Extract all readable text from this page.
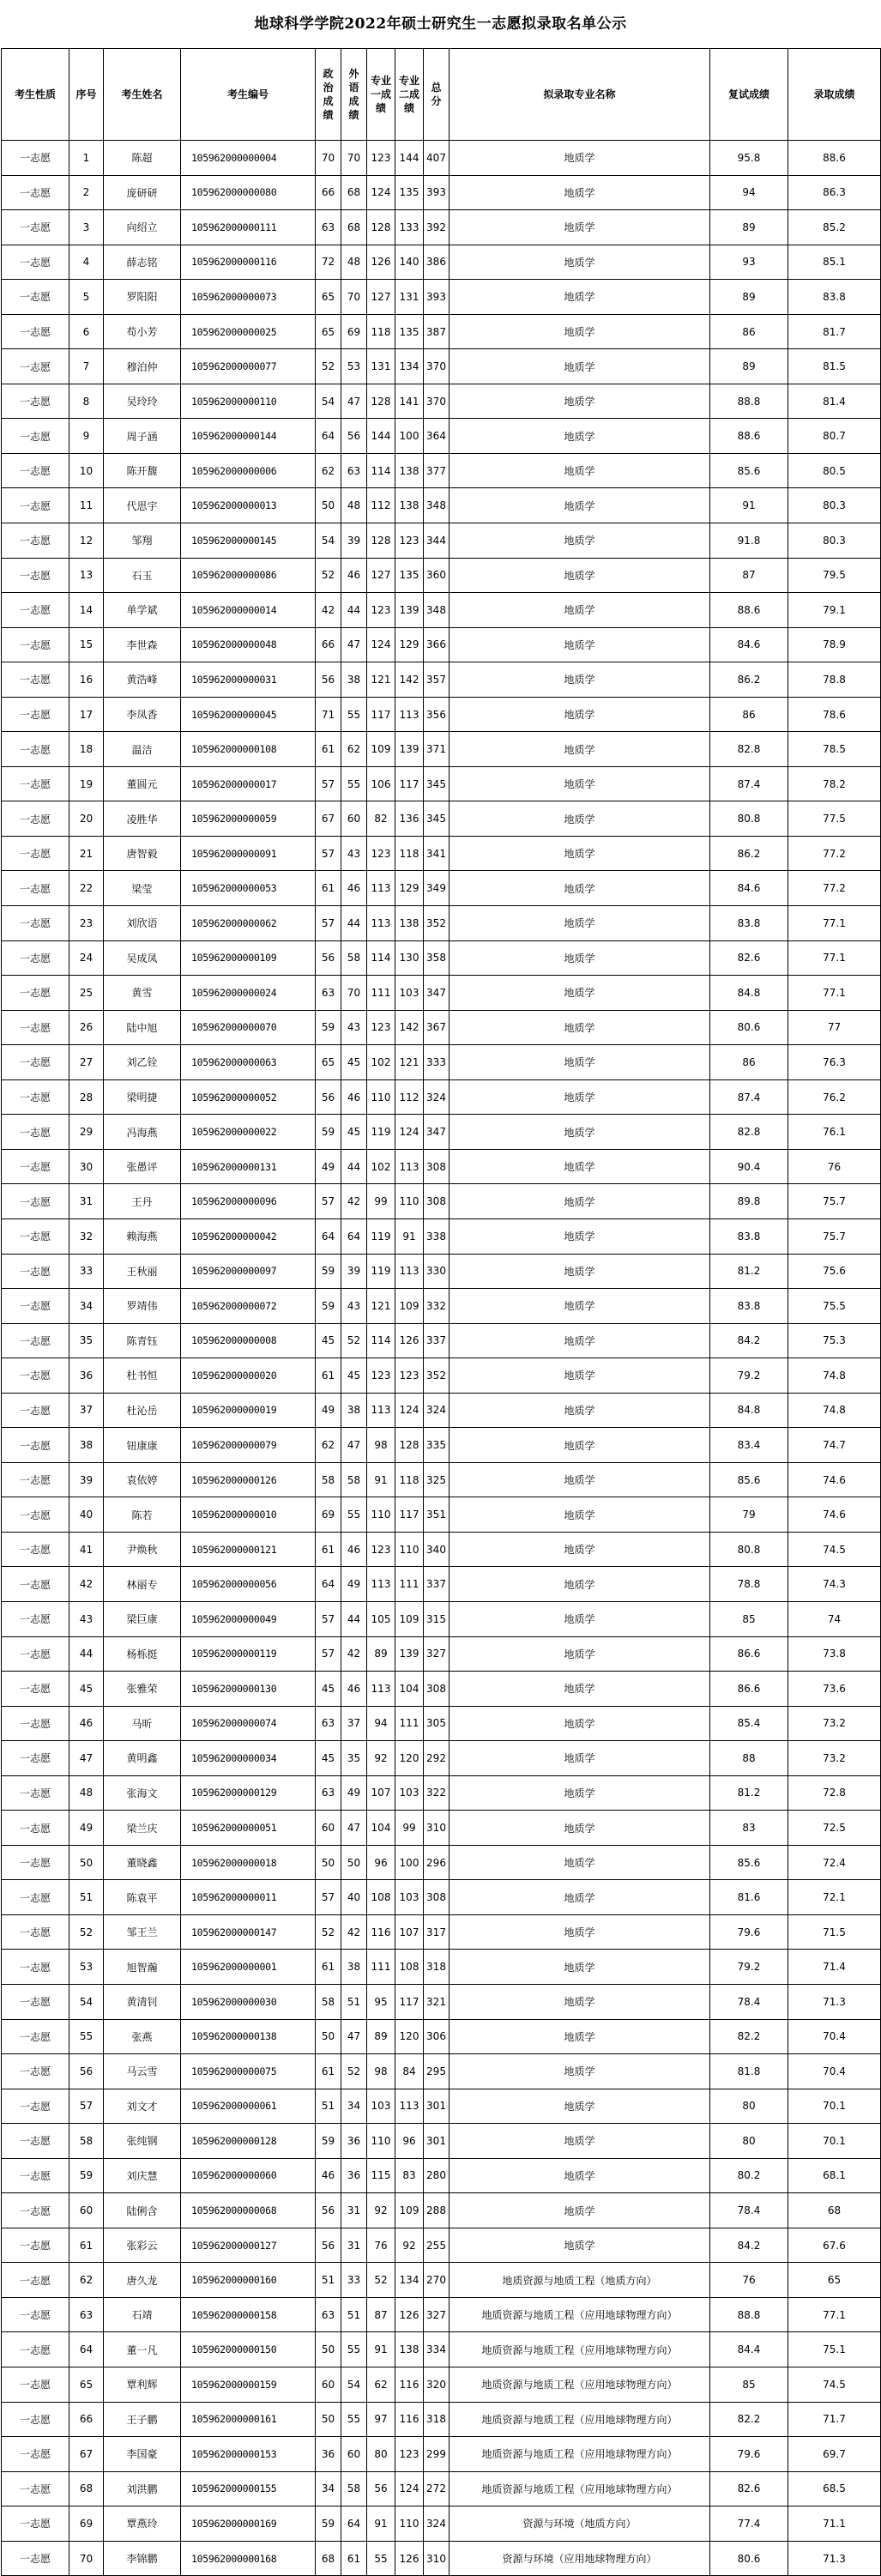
地球科学学院2022年硕士研究生一志愿拟录取名单公示
考生性质	序号	考生姓名	考生编号	政治成绩	外语成绩	专业一成绩	专业二成绩	总分	拟录取专业名称	复试成绩	录取成绩
一志愿	1	陈超	105962000000004	70	70	123	144	407	地质学	95.8	88.6
一志愿	2	庞研研	105962000000080	66	68	124	135	393	地质学	94	86.3
一志愿	3	向绍立	105962000000111	63	68	128	133	392	地质学	89	85.2
一志愿	4	薛志铭	105962000000116	72	48	126	140	386	地质学	93	85.1
一志愿	5	罗阳阳	105962000000073	65	70	127	131	393	地质学	89	83.8
一志愿	6	苟小芳	105962000000025	65	69	118	135	387	地质学	86	81.7
一志愿	7	穆泊仲	105962000000077	52	53	131	134	370	地质学	89	81.5
一志愿	8	吴玲玲	105962000000110	54	47	128	141	370	地质学	88.8	81.4
一志愿	9	周子涵	105962000000144	64	56	144	100	364	地质学	88.6	80.7
一志愿	10	陈开馥	105962000000006	62	63	114	138	377	地质学	85.6	80.5
一志愿	11	代思宇	105962000000013	50	48	112	138	348	地质学	91	80.3
一志愿	12	邹翔	105962000000145	54	39	128	123	344	地质学	91.8	80.3
一志愿	13	石玉	105962000000086	52	46	127	135	360	地质学	87	79.5
一志愿	14	单学斌	105962000000014	42	44	123	139	348	地质学	88.6	79.1
一志愿	15	李世森	105962000000048	66	47	124	129	366	地质学	84.6	78.9
一志愿	16	黄浩峰	105962000000031	56	38	121	142	357	地质学	86.2	78.8
一志愿	17	李凤香	105962000000045	71	55	117	113	356	地质学	86	78.6
一志愿	18	温洁	105962000000108	61	62	109	139	371	地质学	82.8	78.5
一志愿	19	董圆元	105962000000017	57	55	106	117	345	地质学	87.4	78.2
一志愿	20	凌胜华	105962000000059	67	60	82	136	345	地质学	80.8	77.5
一志愿	21	唐智毅	105962000000091	57	43	123	118	341	地质学	86.2	77.2
一志愿	22	梁莹	105962000000053	61	46	113	129	349	地质学	84.6	77.2
一志愿	23	刘欣语	105962000000062	57	44	113	138	352	地质学	83.8	77.1
一志愿	24	吴成凤	105962000000109	56	58	114	130	358	地质学	82.6	77.1
一志愿	25	黄雪	105962000000024	63	70	111	103	347	地质学	84.8	77.1
一志愿	26	陆中旭	105962000000070	59	43	123	142	367	地质学	80.6	77
一志愿	27	刘乙铨	105962000000063	65	45	102	121	333	地质学	86	76.3
一志愿	28	梁明捷	105962000000052	56	46	110	112	324	地质学	87.4	76.2
一志愿	29	冯海燕	105962000000022	59	45	119	124	347	地质学	82.8	76.1
一志愿	30	张愚评	105962000000131	49	44	102	113	308	地质学	90.4	76
一志愿	31	王丹	105962000000096	57	42	99	110	308	地质学	89.8	75.7
一志愿	32	赖海燕	105962000000042	64	64	119	91	338	地质学	83.8	75.7
一志愿	33	王秋丽	105962000000097	59	39	119	113	330	地质学	81.2	75.6
一志愿	34	罗靖伟	105962000000072	59	43	121	109	332	地质学	83.8	75.5
一志愿	35	陈青钰	105962000000008	45	52	114	126	337	地质学	84.2	75.3
一志愿	36	杜书恒	105962000000020	61	45	123	123	352	地质学	79.2	74.8
一志愿	37	杜沁岳	105962000000019	49	38	113	124	324	地质学	84.8	74.8
一志愿	38	钮康康	105962000000079	62	47	98	128	335	地质学	83.4	74.7
一志愿	39	袁依婷	105962000000126	58	58	91	118	325	地质学	85.6	74.6
一志愿	40	陈若	105962000000010	69	55	110	117	351	地质学	79	74.6
一志愿	41	尹焕秋	105962000000121	61	46	123	110	340	地质学	80.8	74.5
一志愿	42	林丽专	105962000000056	64	49	113	111	337	地质学	78.8	74.3
一志愿	43	梁巨康	105962000000049	57	44	105	109	315	地质学	85	74
一志愿	44	杨栎挺	105962000000119	57	42	89	139	327	地质学	86.6	73.8
一志愿	45	张雅荣	105962000000130	45	46	113	104	308	地质学	86.6	73.6
一志愿	46	马昕	105962000000074	63	37	94	111	305	地质学	85.4	73.2
一志愿	47	黄明鑫	105962000000034	45	35	92	120	292	地质学	88	73.2
一志愿	48	张海文	105962000000129	63	49	107	103	322	地质学	81.2	72.8
一志愿	49	梁兰庆	105962000000051	60	47	104	99	310	地质学	83	72.5
一志愿	50	董晓鑫	105962000000018	50	50	96	100	296	地质学	85.6	72.4
一志愿	51	陈袁平	105962000000011	57	40	108	103	308	地质学	81.6	72.1
一志愿	52	邹王兰	105962000000147	52	42	116	107	317	地质学	79.6	71.5
一志愿	53	旭智瀚	105962000000001	61	38	111	108	318	地质学	79.2	71.4
一志愿	54	黄清钊	105962000000030	58	51	95	117	321	地质学	78.4	71.3
一志愿	55	张燕	105962000000138	50	47	89	120	306	地质学	82.2	70.4
一志愿	56	马云雪	105962000000075	61	52	98	84	295	地质学	81.8	70.4
一志愿	57	刘文才	105962000000061	51	34	103	113	301	地质学	80	70.1
一志愿	58	张纯钢	105962000000128	59	36	110	96	301	地质学	80	70.1
一志愿	59	刘庆慧	105962000000060	46	36	115	83	280	地质学	80.2	68.1
一志愿	60	陆俐含	105962000000068	56	31	92	109	288	地质学	78.4	68
一志愿	61	张彩云	105962000000127	56	31	76	92	255	地质学	84.2	67.6
一志愿	62	唐久龙	105962000000160	51	33	52	134	270	地质资源与地质工程（地质方向）	76	65
一志愿	63	石靖	105962000000158	63	51	87	126	327	地质资源与地质工程（应用地球物理方向）	88.8	77.1
一志愿	64	董一凡	105962000000150	50	55	91	138	334	地质资源与地质工程（应用地球物理方向）	84.4	75.1
一志愿	65	覃利辉	105962000000159	60	54	62	116	320	地质资源与地质工程（应用地球物理方向）	85	74.5
一志愿	66	王子鹏	105962000000161	50	55	97	116	318	地质资源与地质工程（应用地球物理方向）	82.2	71.7
一志愿	67	李国豪	105962000000153	36	60	80	123	299	地质资源与地质工程（应用地球物理方向）	79.6	69.7
一志愿	68	刘洪鹏	105962000000155	34	58	56	124	272	地质资源与地质工程（应用地球物理方向）	82.6	68.5
一志愿	69	覃燕玲	105962000000169	59	64	91	110	324	资源与环境（地质方向）	77.4	71.1
一志愿	70	李锦鹏	105962000000168	68	61	55	126	310	资源与环境（应用地球物理方向）	80.6	71.3
